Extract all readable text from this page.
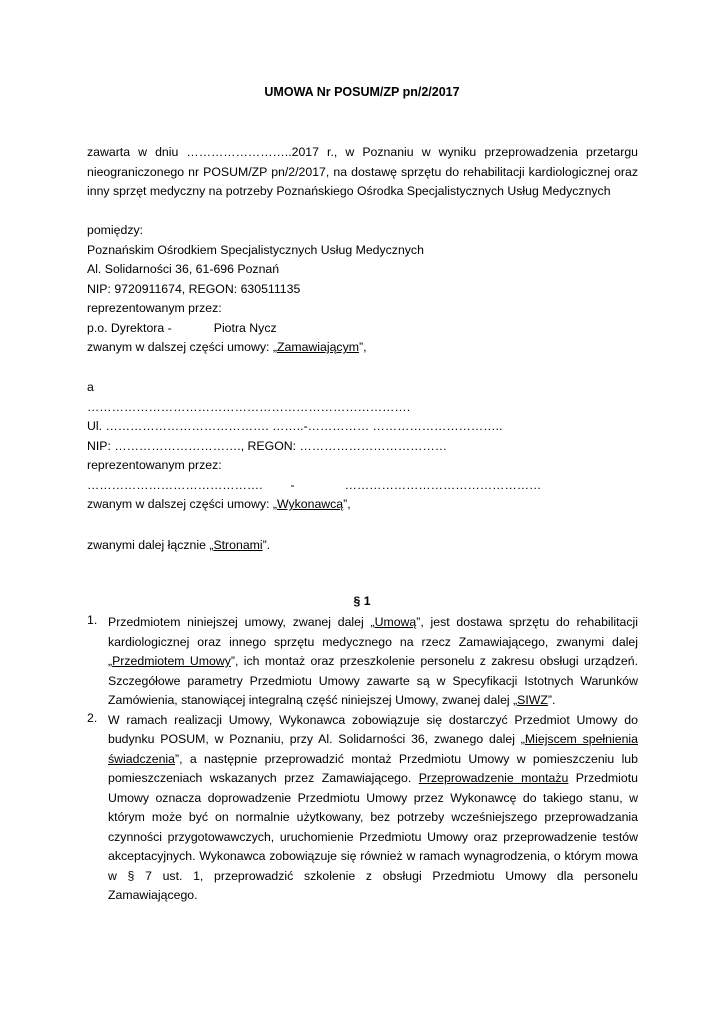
UMOWA Nr POSUM/ZP pn/2/2017
zawarta w dniu ……………………..2017 r., w Poznaniu w wyniku przeprowadzenia przetargu
nieograniczonego nr POSUM/ZP pn/2/2017, na dostawę sprzętu do rehabilitacji kardiologicznej oraz
inny sprzęt medyczny na potrzeby Poznańskiego Ośrodka Specjalistycznych Usług Medycznych
pomiędzy:
Poznańskim Ośrodkiem Specjalistycznych Usług Medycznych
Al. Solidarności 36, 61-696 Poznań
NIP: 9720911674, REGON: 630511135
reprezentowanym przez:
p.o. Dyrektora -	Piotra Nycz
zwanym w dalszej części umowy: „Zamawiającym”,
a
…………………………………………………………………….
Ul. …………………………………. ……..-…………… …………………………..
NIP: …………………………., REGON: ………………………………
reprezentowanym przez:
……………………………………. -	…………………………………………
zwanym w dalszej części umowy: „Wykonawcą”,
zwanymi dalej łącznie „Stronami”.
§ 1
1. Przedmiotem niniejszej umowy, zwanej dalej „Umową”, jest dostawa sprzętu do rehabilitacji
kardiologicznej oraz innego sprzętu medycznego na rzecz Zamawiającego, zwanymi dalej
„Przedmiotem Umowy”, ich montaż oraz przeszkolenie personelu z zakresu obsługi urządzeń.
Szczegółowe parametry Przedmiotu Umowy zawarte są w Specyfikacji Istotnych Warunków
Zamówienia, stanowiącej integralną część niniejszej Umowy, zwanej dalej „SIWZ”.
2. W ramach realizacji Umowy, Wykonawca zobowiązuje się dostarczyć Przedmiot Umowy do
budynku POSUM, w Poznaniu, przy Al. Solidarności 36, zwanego dalej „Miejscem spełnienia
świadczenia”, a następnie przeprowadzić montaż Przedmiotu Umowy w pomieszczeniu lub
pomieszczeniach wskazanych przez Zamawiającego. Przeprowadzenie montażu Przedmiotu
Umowy oznacza doprowadzenie Przedmiotu Umowy przez Wykonawcę do takiego stanu, w
którym może być on normalnie użytkowany, bez potrzeby wcześniejszego przeprowadzania
czynności przygotowawczych, uruchomienie Przedmiotu Umowy oraz przeprowadzenie testów
akceptacyjnych. Wykonawca zobowiązuje się również w ramach wynagrodzenia, o którym mowa
w § 7 ust. 1, przeprowadzić szkolenie z obsługi Przedmiotu Umowy dla personelu Zamawiającego.
